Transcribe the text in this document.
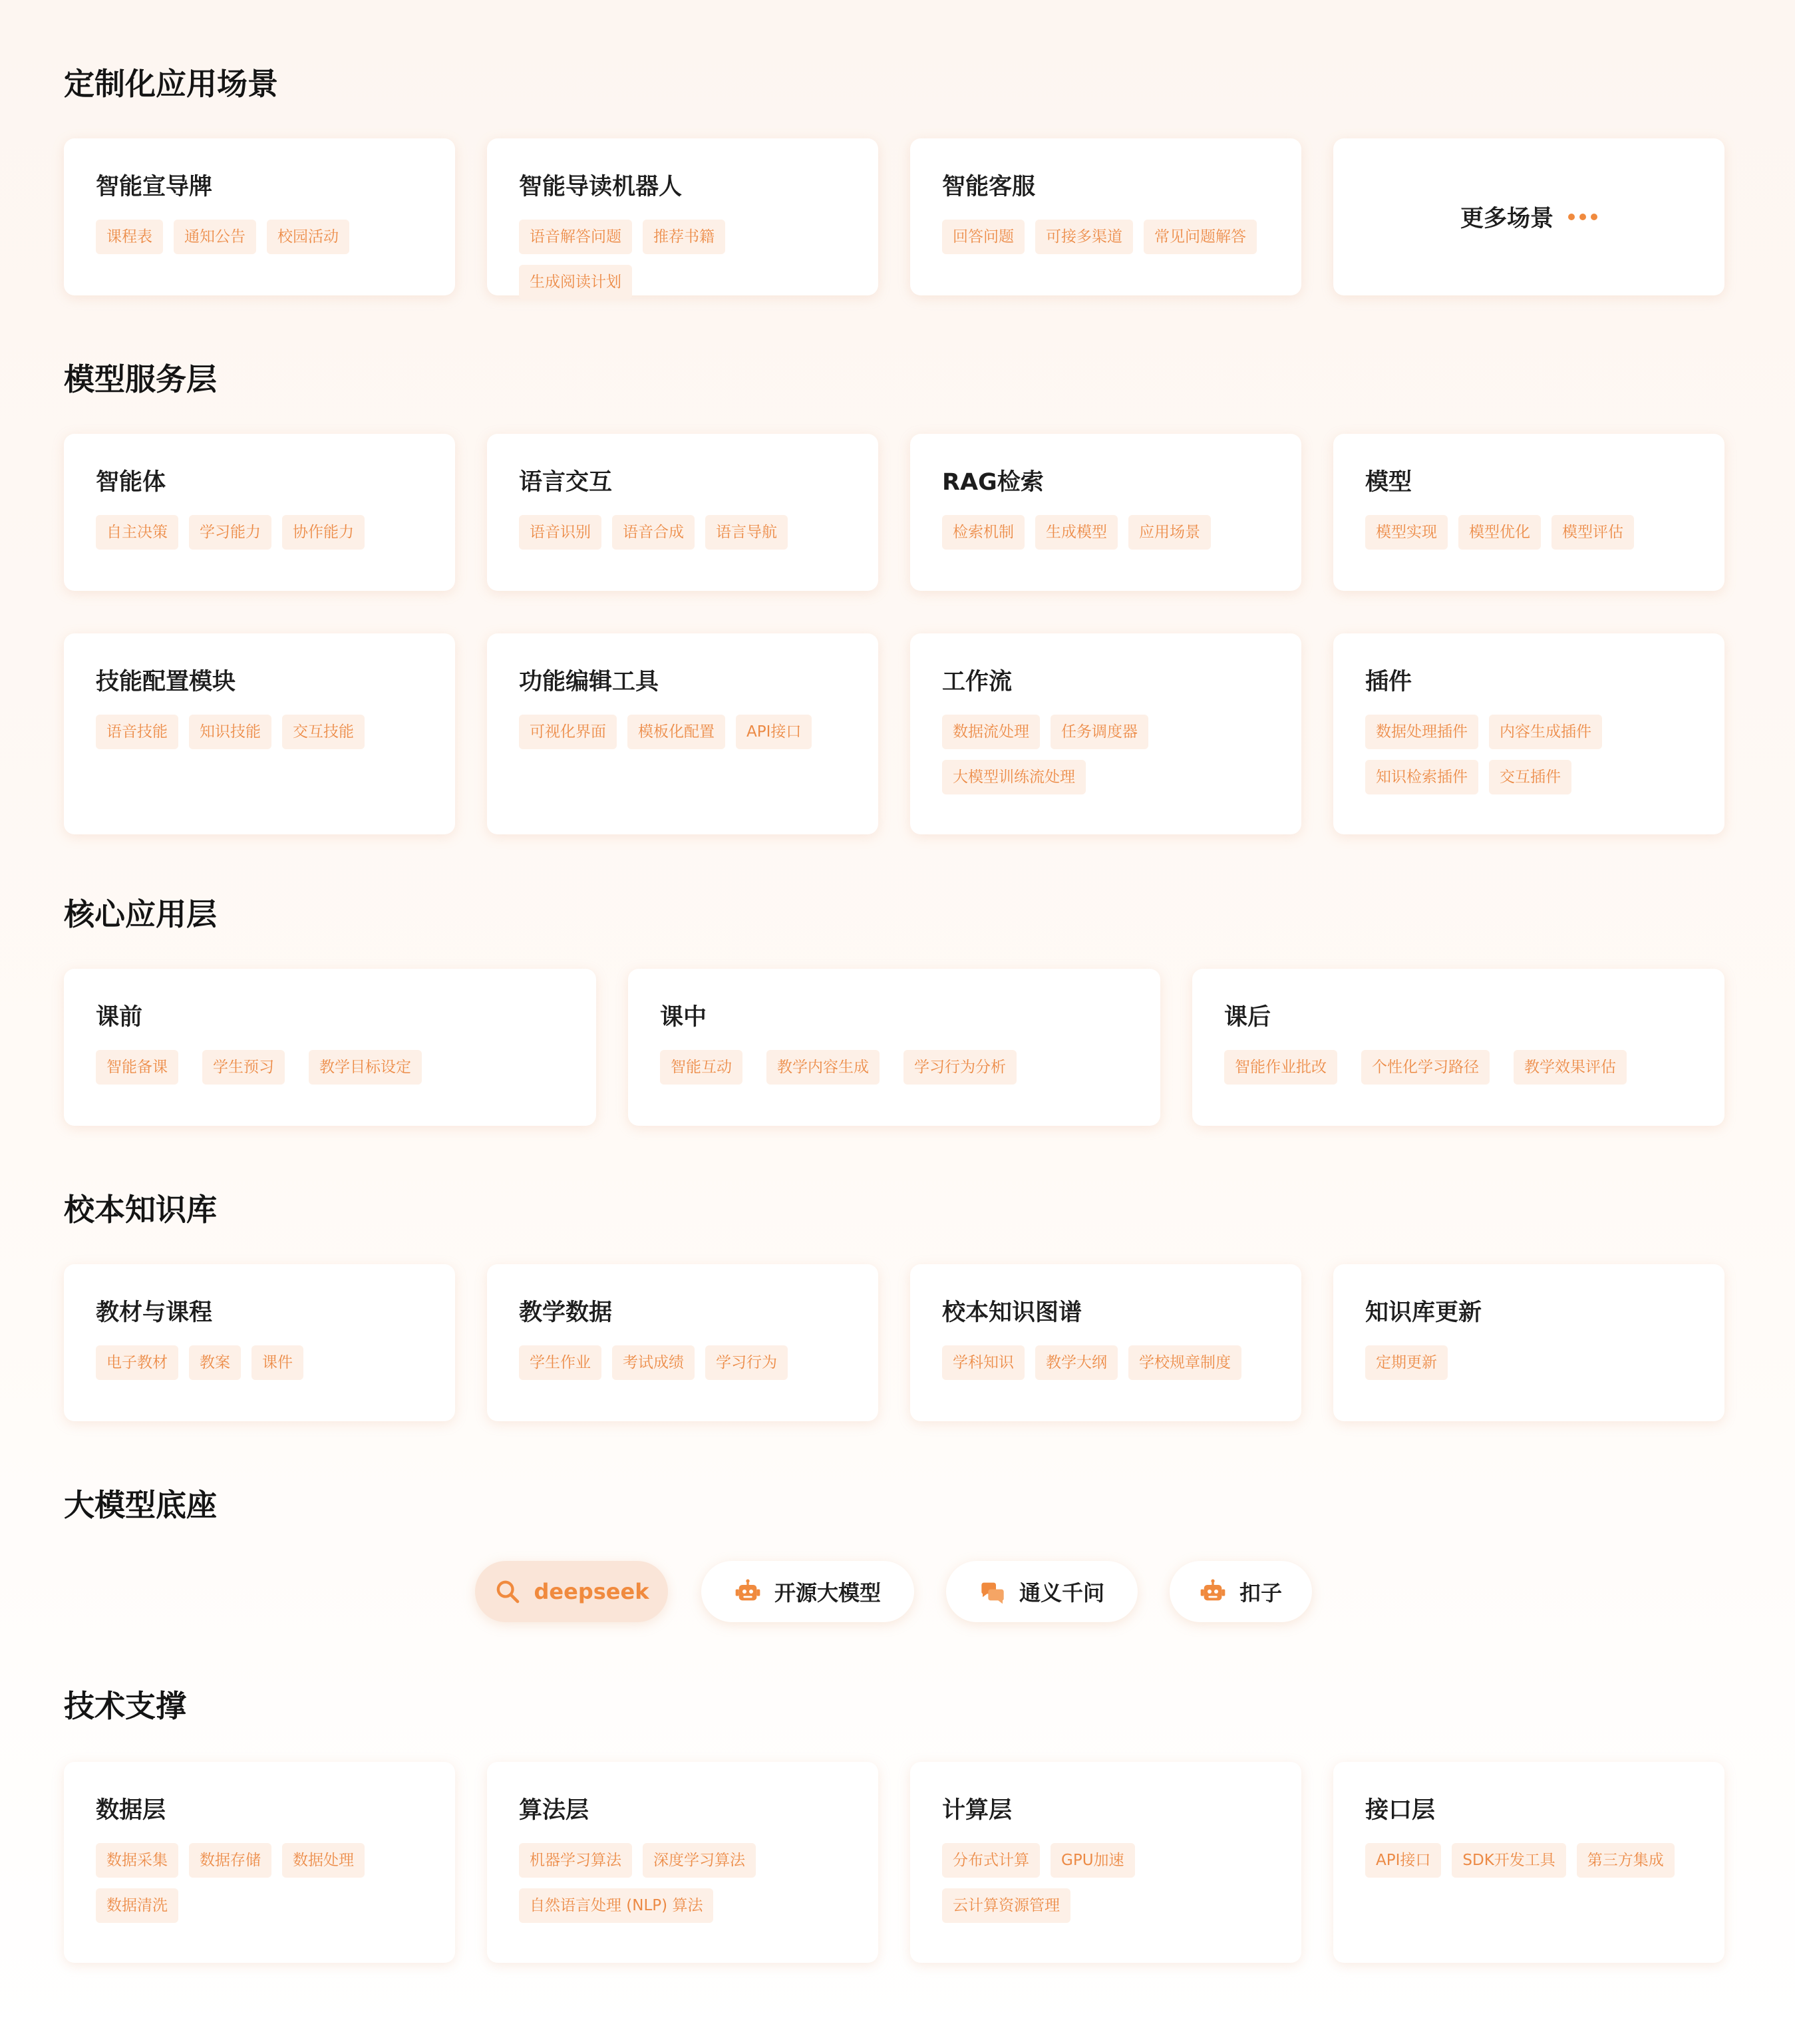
定制化应用场景
智能宣导牌
课程表	通知公告	校园活动
智能导读机器人
语音解答问题	推荐书籍
生成阅读计划
智能客服
回答问题	可接多渠道	常见问题解答
更多场景
模型服务层
智能体
自主决策	学习能力	协作能力
语言交互
语音识别	语音合成	语言导航
RAG检索
检索机制	生成模型	应用场景
模型
模型实现	模型优化	模型评估
技能配置模块
语音技能	知识技能	交互技能
功能编辑工具
可视化界面	模板化配置	API接口
工作流
数据流处理	任务调度器
大模型训练流处理
插件
数据处理插件	内容生成插件
知识检索插件	交互插件
核心应用层
课前
智能备课	学生预习	教学目标设定
课中
智能互动	教学内容生成	学习行为分析
课后
智能作业批改	个性化学习路径	教学效果评估
校本知识库
教材与课程
电子教材	教案	课件
教学数据
学生作业	考试成绩	学习行为
校本知识图谱
学科知识	教学大纲	学校规章制度
知识库更新
定期更新
大模型底座
deepseek	开源大模型	通义千问	扣子
技术支撑
数据层
数据采集	数据存储	数据处理
数据清洗
算法层
机器学习算法	深度学习算法
自然语言处理 (NLP) 算法
计算层
分布式计算	GPU加速
云计算资源管理
接口层
API接口	SDK开发工具	第三方集成
